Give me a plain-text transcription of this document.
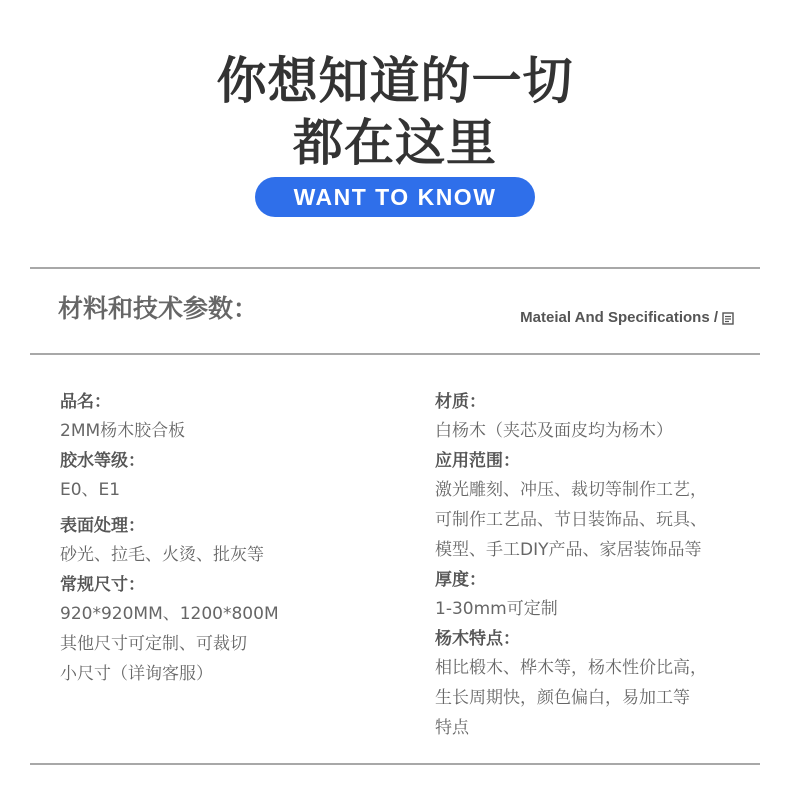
你想知道的一切
都在这里
WANT TO KNOW
材料和技术参数：	Mateial And Specifications /
品名：
2MM杨木胶合板
胶水等级：
E0、E1
表面处理：
砂光、拉毛、火烫、批灰等
常规尺寸：
920*920MM、1200*800M
其他尺寸可定制、可裁切
小尺寸（详询客服）
材质：
白杨木（夹芯及面皮均为杨木）
应用范围：
激光雕刻、冲压、裁切等制作工艺，
可制作工艺品、节日装饰品、玩具、
模型、手工DIY产品、家居装饰品等
厚度：
1-30mm可定制
杨木特点：
相比椴木、桦木等，杨木性价比高，
生长周期快，颜色偏白，易加工等
特点
